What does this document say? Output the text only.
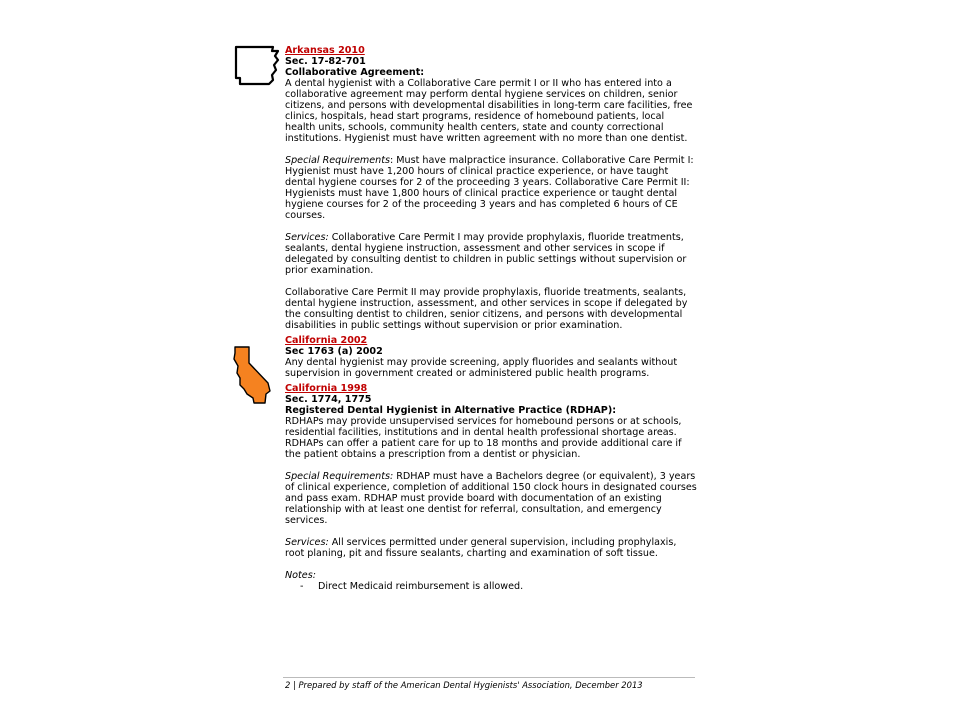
Arkansas 2010
Sec. 17-82-701
Collaborative Agreement:

A dental hygienist with a Collaborative Care permit I or II who has entered into a collaborative agreement may perform dental hygiene services on children, senior citizens, and persons with developmental disabilities in long-term care facilities, free clinics, hospitals, head start programs, residence of homebound patients, local health units, schools, community health centers, state and county correctional institutions. Hygienist must have written agreement with no more than one dentist.

Special Requirements: Must have malpractice insurance. Collaborative Care Permit I: Hygienist must have 1,200 hours of clinical practice experience, or have taught dental hygiene courses for 2 of the proceeding 3 years. Collaborative Care Permit II: Hygienists must have 1,800 hours of clinical practice experience or taught dental hygiene courses for 2 of the proceeding 3 years and has completed 6 hours of CE courses.

Services: Collaborative Care Permit I may provide prophylaxis, fluoride treatments, sealants, dental hygiene instruction, assessment and other services in scope if delegated by consulting dentist to children in public settings without supervision or prior examination.

Collaborative Care Permit II may provide prophylaxis, fluoride treatments, sealants, dental hygiene instruction, assessment, and other services in scope if delegated by the consulting dentist to children, senior citizens, and persons with developmental disabilities in public settings without supervision or prior examination.

California 2002
Sec 1763 (a) 2002

Any dental hygienist may provide screening, apply fluorides and sealants without supervision in government created or administered public health programs.

California 1998
Sec. 1774, 1775
Registered Dental Hygienist in Alternative Practice (RDHAP):

RDHAPs may provide unsupervised services for homebound persons or at schools, residential facilities, institutions and in dental health professional shortage areas. RDHAPs can offer a patient care for up to 18 months and provide additional care if the patient obtains a prescription from a dentist or physician.

Special Requirements: RDHAP must have a Bachelors degree (or equivalent), 3 years of clinical experience, completion of additional 150 clock hours in designated courses and pass exam. RDHAP must provide board with documentation of an existing relationship with at least one dentist for referral, consultation, and emergency services.

Services: All services permitted under general supervision, including prophylaxis, root planing, pit and fissure sealants, charting and examination of soft tissue.

Notes:
- Direct Medicaid reimbursement is allowed.
2 | Prepared by staff of the American Dental Hygienists' Association, December 2013
